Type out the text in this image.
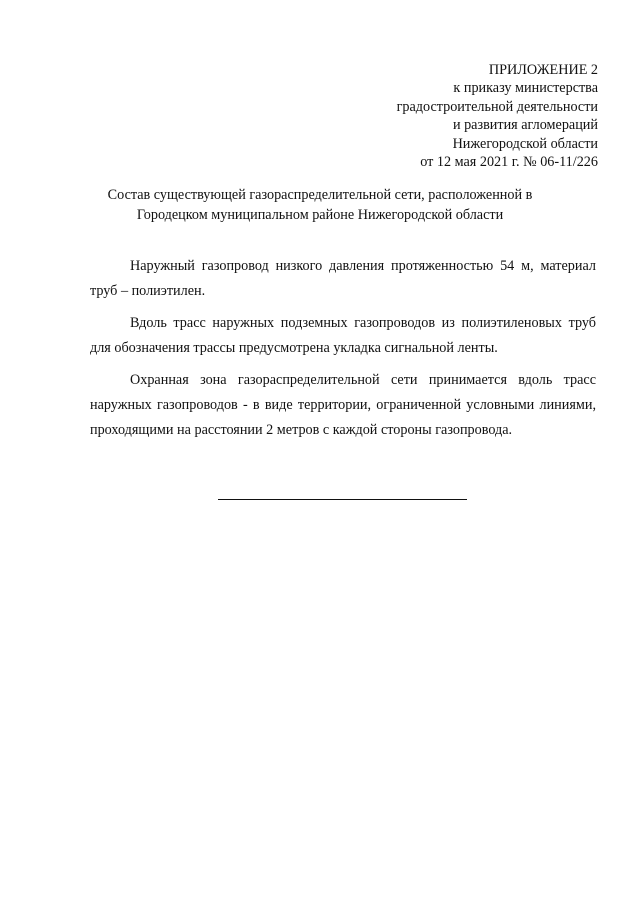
ПРИЛОЖЕНИЕ 2
к приказу министерства
градостроительной деятельности
и развития агломераций
Нижегородской области
от 12 мая 2021 г. № 06-11/226
Состав существующей газораспределительной сети, расположенной в
Городецком муниципальном районе Нижегородской области

Наружный газопровод низкого давления протяженностью 54 м, материал труб – полиэтилен.

Вдоль трасс наружных подземных газопроводов из полиэтиленовых труб для обозначения трассы предусмотрена укладка сигнальной ленты.

Охранная зона газораспределительной сети принимается вдоль трасс наружных газопроводов - в виде территории, ограниченной условными линиями, проходящими на расстоянии 2 метров с каждой стороны газопровода.
